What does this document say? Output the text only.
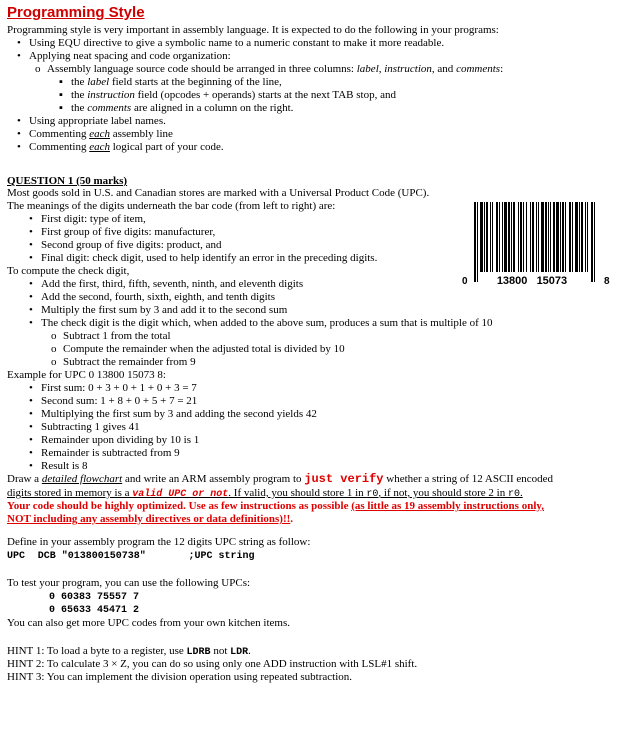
Programming Style
Programming style is very important in assembly language. It is expected to do the following in your programs:
• Using EQU directive to give a symbolic name to a numeric constant to make it more readable.
• Applying neat spacing and code organization:
o Assembly language source code should be arranged in three columns: label, instruction, and comments:
▪ the label field starts at the beginning of the line,
▪ the instruction field (opcodes + operands) starts at the next TAB stop, and
▪ the comments are aligned in a column on the right.
• Using appropriate label names.
• Commenting each assembly line
• Commenting each logical part of your code.
QUESTION 1 (50 marks)
Most goods sold in U.S. and Canadian stores are marked with a Universal Product Code (UPC).
The meanings of the digits underneath the bar code (from left to right) are:
• First digit: type of item,
• First group of five digits: manufacturer,
• Second group of five digits: product, and
• Final digit: check digit, used to help identify an error in the preceding digits.
To compute the check digit,
• Add the first, third, fifth, seventh, ninth, and eleventh digits
• Add the second, fourth, sixth, eighth, and tenth digits
• Multiply the first sum by 3 and add it to the second sum
• The check digit is the digit which, when added to the above sum, produces a sum that is multiple of 10
o Subtract 1 from the total
o Compute the remainder when the adjusted total is divided by 10
o Subtract the remainder from 9
Example for UPC 0 13800 15073 8:
• First sum: 0 + 3 + 0 + 1 + 0 + 3 = 7
• Second sum: 1 + 8 + 0 + 5 + 7 = 21
• Multiplying the first sum by 3 and adding the second yields 42
• Subtracting 1 gives 41
• Remainder upon dividing by 10 is 1
• Remainder is subtracted from 9
• Result is 8
Draw a detailed flowchart and write an ARM assembly program to just verify whether a string of 12 ASCII encoded
digits stored in memory is a valid UPC or not. If valid, you should store 1 in r0, if not, you should store 2 in r0.
Your code should be highly optimized. Use as few instructions as possible (as little as 19 assembly instructions only,
NOT including any assembly directives or data definitions)!!.
Define in your assembly program the 12 digits UPC string as follow:
UPC DCB "013800150738"	;UPC string
To test your program, you can use the following UPCs:
0 60383 75557 7
0 65633 45471 2
You can also get more UPC codes from your own kitchen items.
HINT 1: To load a byte to a register, use LDRB not LDR.
HINT 2: To calculate 3 × Z, you can do so using only one ADD instruction with LSL#1 shift.
HINT 3: You can implement the division operation using repeated subtraction.
0	13800   15073	8
